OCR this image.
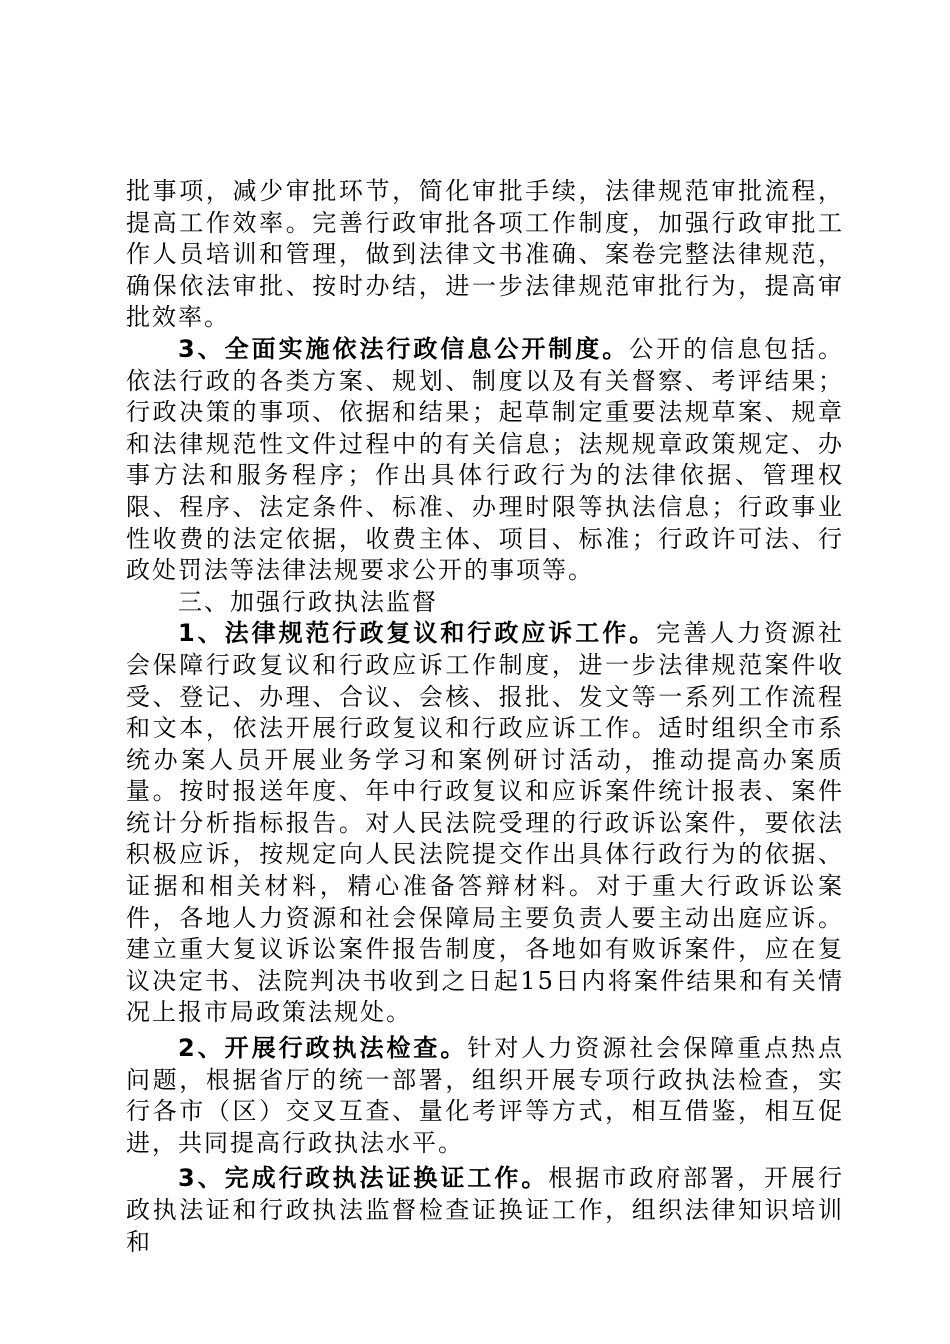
批事项，减少审批环节，简化审批手续，法律规范审批流程，提高工作效率。完善行政审批各项工作制度，加强行政审批工作人员培训和管理，做到法律文书准确、案卷完整法律规范，确保依法审批、按时办结，进一步法律规范审批行为，提高审批效率。

3、全面实施依法行政信息公开制度。公开的信息包括。依法行政的各类方案、规划、制度以及有关督察、考评结果；行政决策的事项、依据和结果；起草制定重要法规草案、规章和法律规范性文件过程中的有关信息；法规规章政策规定、办事方法和服务程序；作出具体行政行为的法律依据、管理权限、程序、法定条件、标准、办理时限等执法信息；行政事业性收费的法定依据，收费主体、项目、标准；行政许可法、行政处罚法等法律法规要求公开的事项等。

三、加强行政执法监督

1、法律规范行政复议和行政应诉工作。完善人力资源社会保障行政复议和行政应诉工作制度，进一步法律规范案件收受、登记、办理、合议、会核、报批、发文等一系列工作流程和文本，依法开展行政复议和行政应诉工作。适时组织全市系统办案人员开展业务学习和案例研讨活动，推动提高办案质量。按时报送年度、年中行政复议和应诉案件统计报表、案件统计分析指标报告。对人民法院受理的行政诉讼案件，要依法积极应诉，按规定向人民法院提交作出具体行政行为的依据、证据和相关材料，精心准备答辩材料。对于重大行政诉讼案件，各地人力资源和社会保障局主要负责人要主动出庭应诉。建立重大复议诉讼案件报告制度，各地如有败诉案件，应在复议决定书、法院判决书收到之日起15日内将案件结果和有关情况上报市局政策法规处。

2、开展行政执法检查。针对人力资源社会保障重点热点问题，根据省厅的统一部署，组织开展专项行政执法检查，实行各市（区）交叉互查、量化考评等方式，相互借鉴，相互促进，共同提高行政执法水平。

3、完成行政执法证换证工作。根据市政府部署，开展行政执法证和行政执法监督检查证换证工作，组织法律知识培训和
